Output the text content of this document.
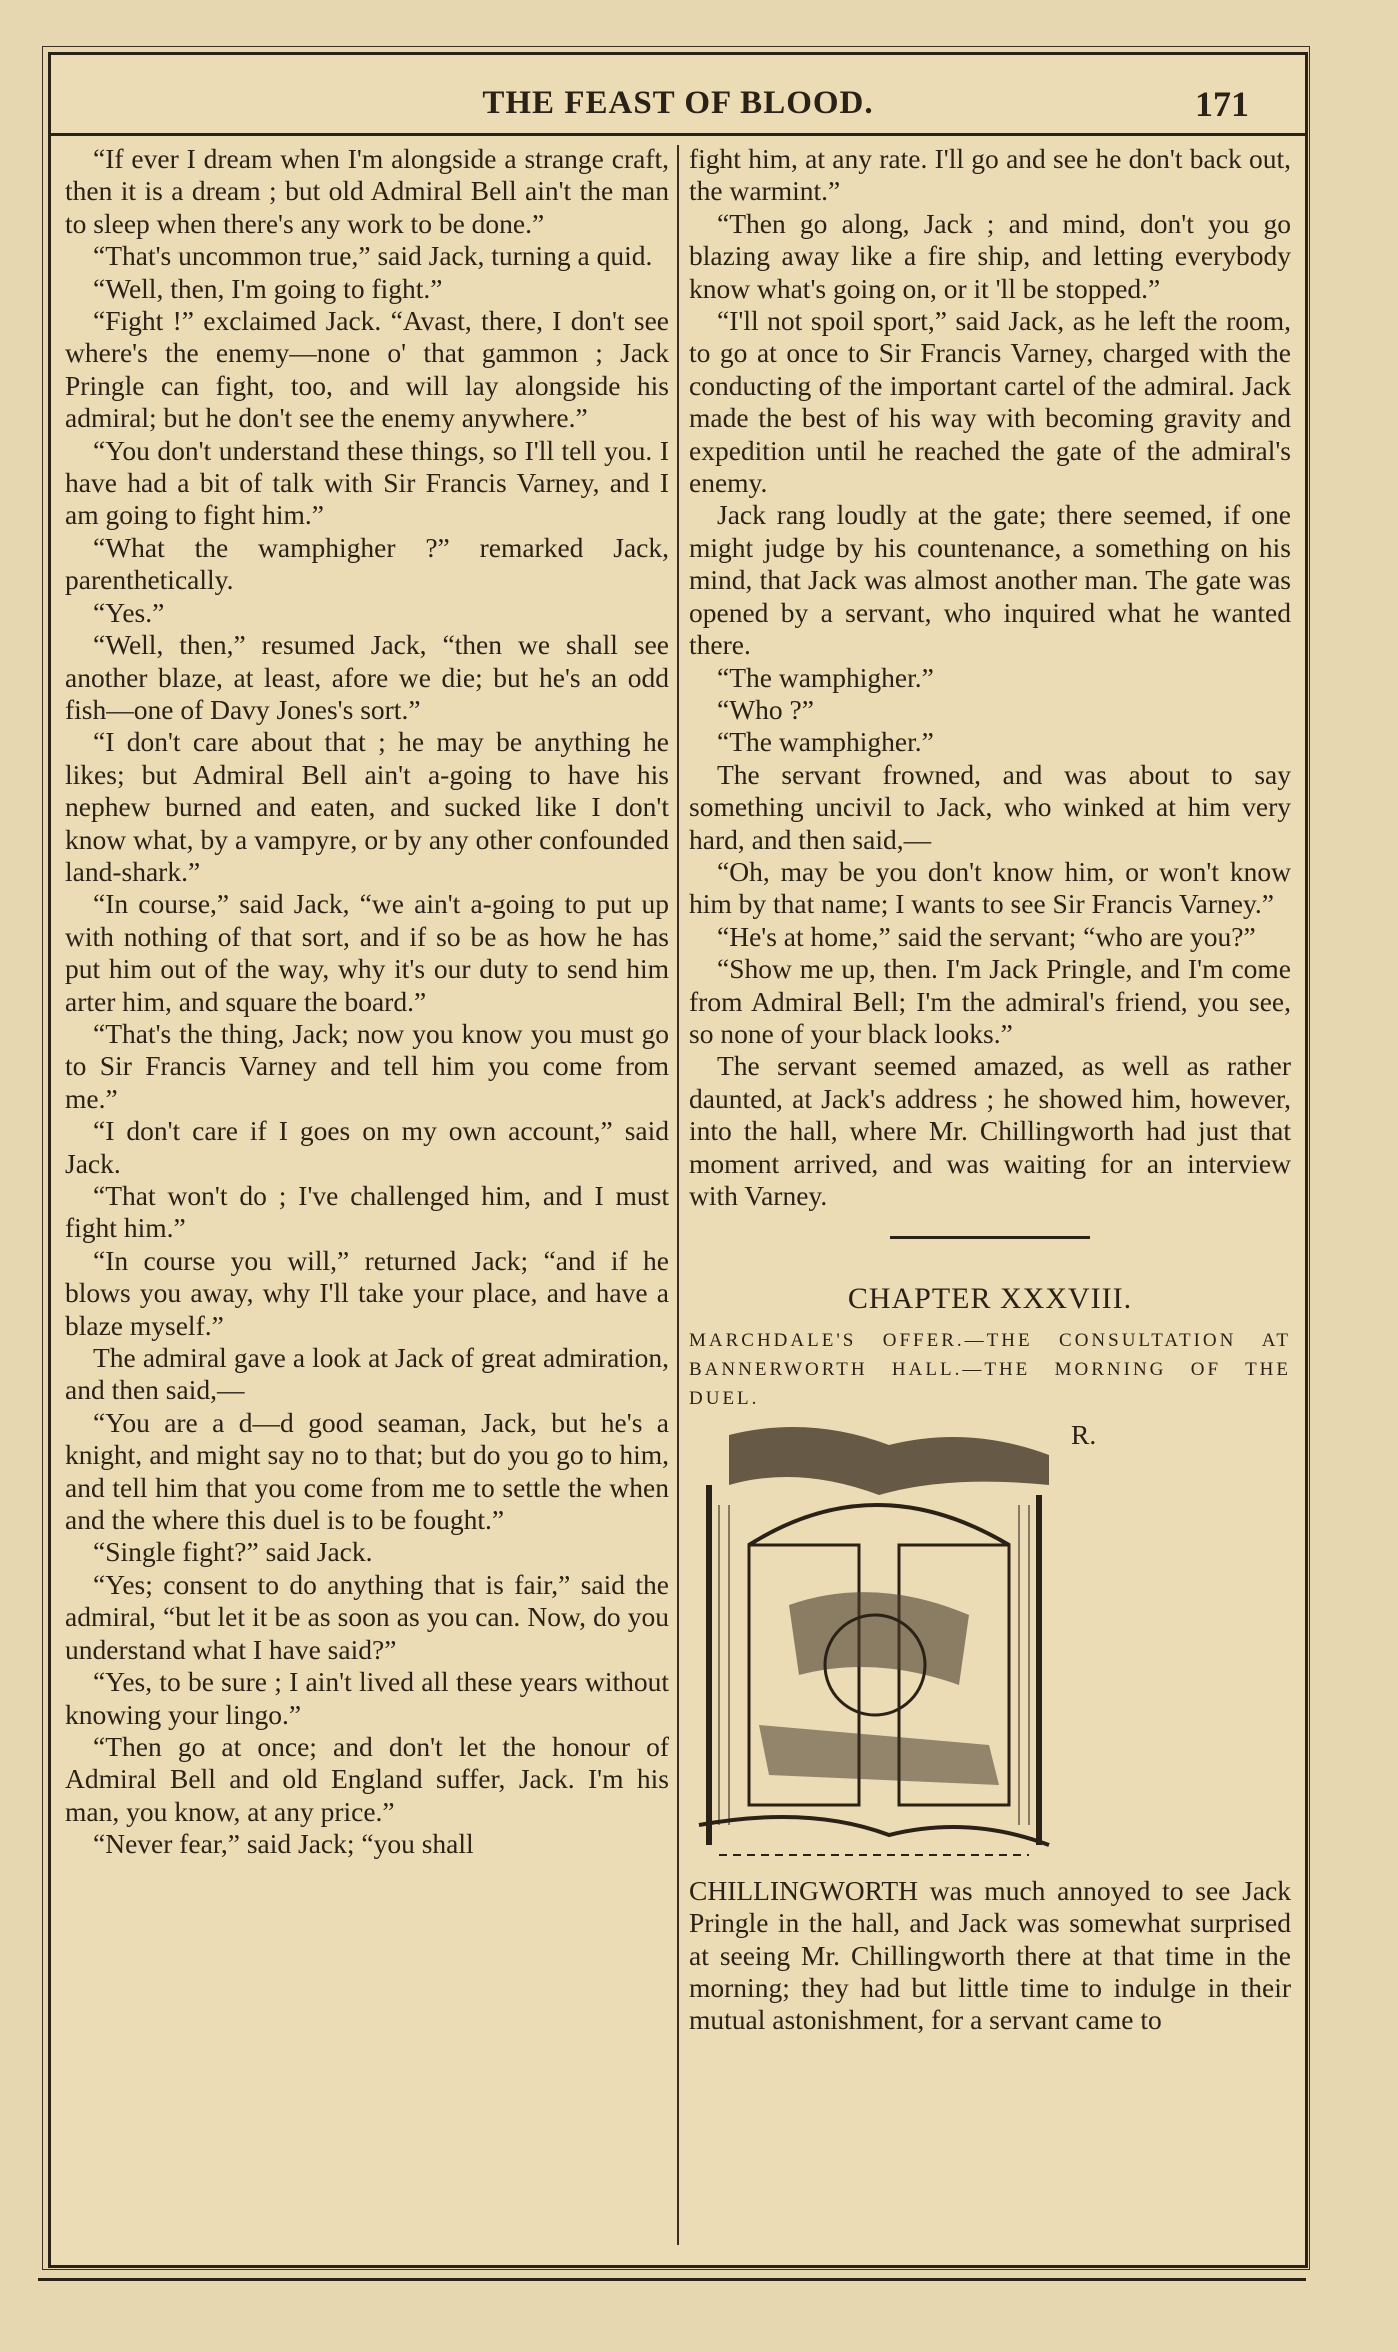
THE FEAST OF BLOOD.	171

“If ever I dream when I'm alongside a strange craft, then it is a dream ; but old Admiral Bell ain't the man to sleep when there's any work to be done.”

“That's uncommon true,” said Jack, turning a quid.

“Well, then, I'm going to fight.”

“Fight !” exclaimed Jack. “Avast, there, I don't see where's the enemy—none o' that gammon ; Jack Pringle can fight, too, and will lay alongside his admiral; but he don't see the enemy anywhere.”

“You don't understand these things, so I'll tell you. I have had a bit of talk with Sir Francis Varney, and I am going to fight him.”

“What the wamphigher ?” remarked Jack, parenthetically.

“Yes.”

“Well, then,” resumed Jack, “then we shall see another blaze, at least, afore we die; but he's an odd fish—one of Davy Jones's sort.”

“I don't care about that ; he may be anything he likes; but Admiral Bell ain't a-going to have his nephew burned and eaten, and sucked like I don't know what, by a vampyre, or by any other confounded land-shark.”

“In course,” said Jack, “we ain't a-going to put up with nothing of that sort, and if so be as how he has put him out of the way, why it's our duty to send him arter him, and square the board.”

“That's the thing, Jack; now you know you must go to Sir Francis Varney and tell him you come from me.”

“I don't care if I goes on my own account,” said Jack.

“That won't do ; I've challenged him, and I must fight him.”

“In course you will,” returned Jack; “and if he blows you away, why I'll take your place, and have a blaze myself.”

The admiral gave a look at Jack of great admiration, and then said,—

“You are a d—d good seaman, Jack, but he's a knight, and might say no to that; but do you go to him, and tell him that you come from me to settle the when and the where this duel is to be fought.”

“Single fight?” said Jack.

“Yes; consent to do anything that is fair,” said the admiral, “but let it be as soon as you can. Now, do you understand what I have said?”

“Yes, to be sure ; I ain't lived all these years without knowing your lingo.”

“Then go at once; and don't let the honour of Admiral Bell and old England suffer, Jack. I'm his man, you know, at any price.”

“Never fear,” said Jack; “you shall

fight him, at any rate. I'll go and see he don't back out, the warmint.”

“Then go along, Jack ; and mind, don't you go blazing away like a fire ship, and letting everybody know what's going on, or it 'll be stopped.”

“I'll not spoil sport,” said Jack, as he left the room, to go at once to Sir Francis Varney, charged with the conducting of the important cartel of the admiral. Jack made the best of his way with becoming gravity and expedition until he reached the gate of the admiral's enemy.

Jack rang loudly at the gate; there seemed, if one might judge by his countenance, a something on his mind, that Jack was almost another man. The gate was opened by a servant, who inquired what he wanted there.

“The wamphigher.”

“Who ?”

“The wamphigher.”

The servant frowned, and was about to say something uncivil to Jack, who winked at him very hard, and then said,—

“Oh, may be you don't know him, or won't know him by that name; I wants to see Sir Francis Varney.”

“He's at home,” said the servant; “who are you?”

“Show me up, then. I'm Jack Pringle, and I'm come from Admiral Bell; I'm the admiral's friend, you see, so none of your black looks.”

The servant seemed amazed, as well as rather daunted, at Jack's address ; he showed him, however, into the hall, where Mr. Chillingworth had just that moment arrived, and was waiting for an interview with Varney.

CHAPTER XXXVIII.
MARCHDALE'S OFFER.—THE CONSULTATION AT BANNERWORTH HALL.—THE MORNING OF THE DUEL.

R. CHILLINGWORTH was much annoyed to see Jack Pringle in the hall, and Jack was somewhat surprised at seeing Mr. Chillingworth there at that time in the morning; they had but little time to indulge in their mutual astonishment, for a servant came to
